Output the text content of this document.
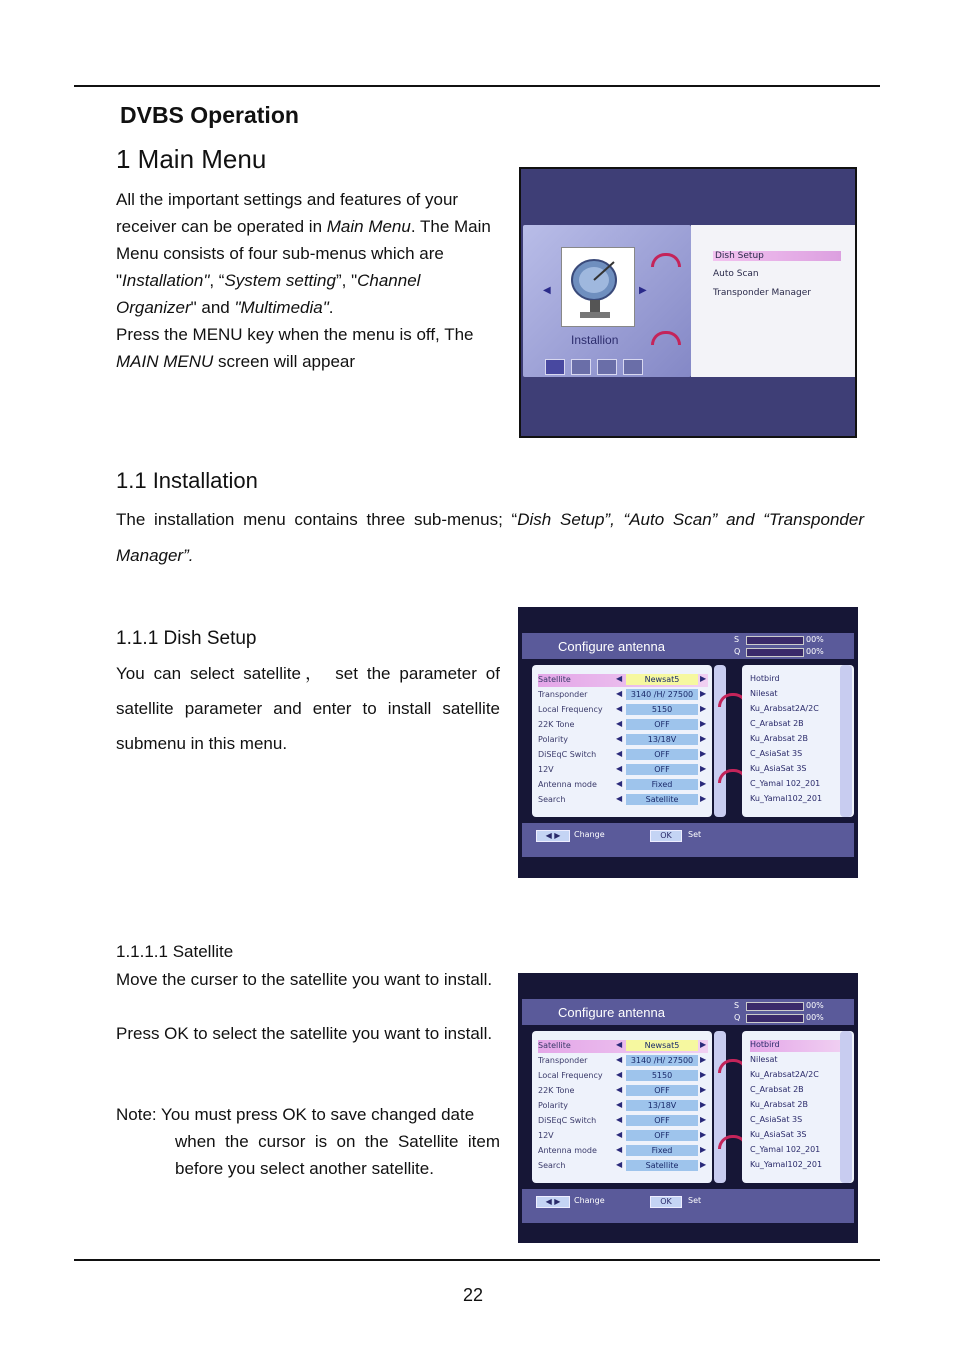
DVBS Operation
1 Main Menu
All the important settings and features of your receiver can be operated in Main Menu. The Main Menu consists of four sub-menus which are "Installation", “System setting”, "Channel Organizer" and "Multimedia".
Press the MENU key when the menu is off, The MAIN MENU screen will appear
◀	▶
Installion
Dish Setup
Auto Scan
Transponder Manager
1.1 Installation
The installation menu contains three sub-menus; “Dish Setup”, “Auto Scan” and “Transponder Manager”.
1.1.1 Dish Setup
You can select satellite， set the parameter of satellite parameter and enter to install satellite submenu in this menu.
Configure antenna	S	00%
Q	00%
Satellite	◀	Newsat5	▶
Transponder	◀	3140 /H/ 27500 ▶
Local Frequency ◀	5150	▶
22K Tone	◀	OFF	▶
Polarity	◀	13/18V	▶
DiSEqC Switch ◀	OFF	▶
12V	◀	OFF	▶
Antenna mode ◀	Fixed	▶
Search	◀	Satellite	▶
Hotbird
Nilesat
Ku_Arabsat2A/2C
C_Arabsat 2B
Ku_Arabsat 2B
C_AsiaSat 3S
Ku_AsiaSat 3S
C_Yamal 102_201
Ku_Yamal102_201
◀ ▶	Change	OK	Set
1.1.1.1 Satellite
Move the curser to the satellite you want to install.
Press OK to select the satellite you want to install.
Note: You must press OK to save changed date
when the cursor is on the Satellite item before you select another satellite.
Configure antenna	S	00%
Q	00%
Satellite	◀	Newsat5	▶
Transponder	◀	3140 /H/ 27500 ▶
Local Frequency ◀	5150	▶
22K Tone	◀	OFF	▶
Polarity	◀	13/18V	▶
DiSEqC Switch ◀	OFF	▶
12V	◀	OFF	▶
Antenna mode ◀	Fixed	▶
Search	◀	Satellite	▶
Hotbird
Nilesat
Ku_Arabsat2A/2C
C_Arabsat 2B
Ku_Arabsat 2B
C_AsiaSat 3S
Ku_AsiaSat 3S
C_Yamal 102_201
Ku_Yamal102_201
◀ ▶	Change	OK	Set
22
